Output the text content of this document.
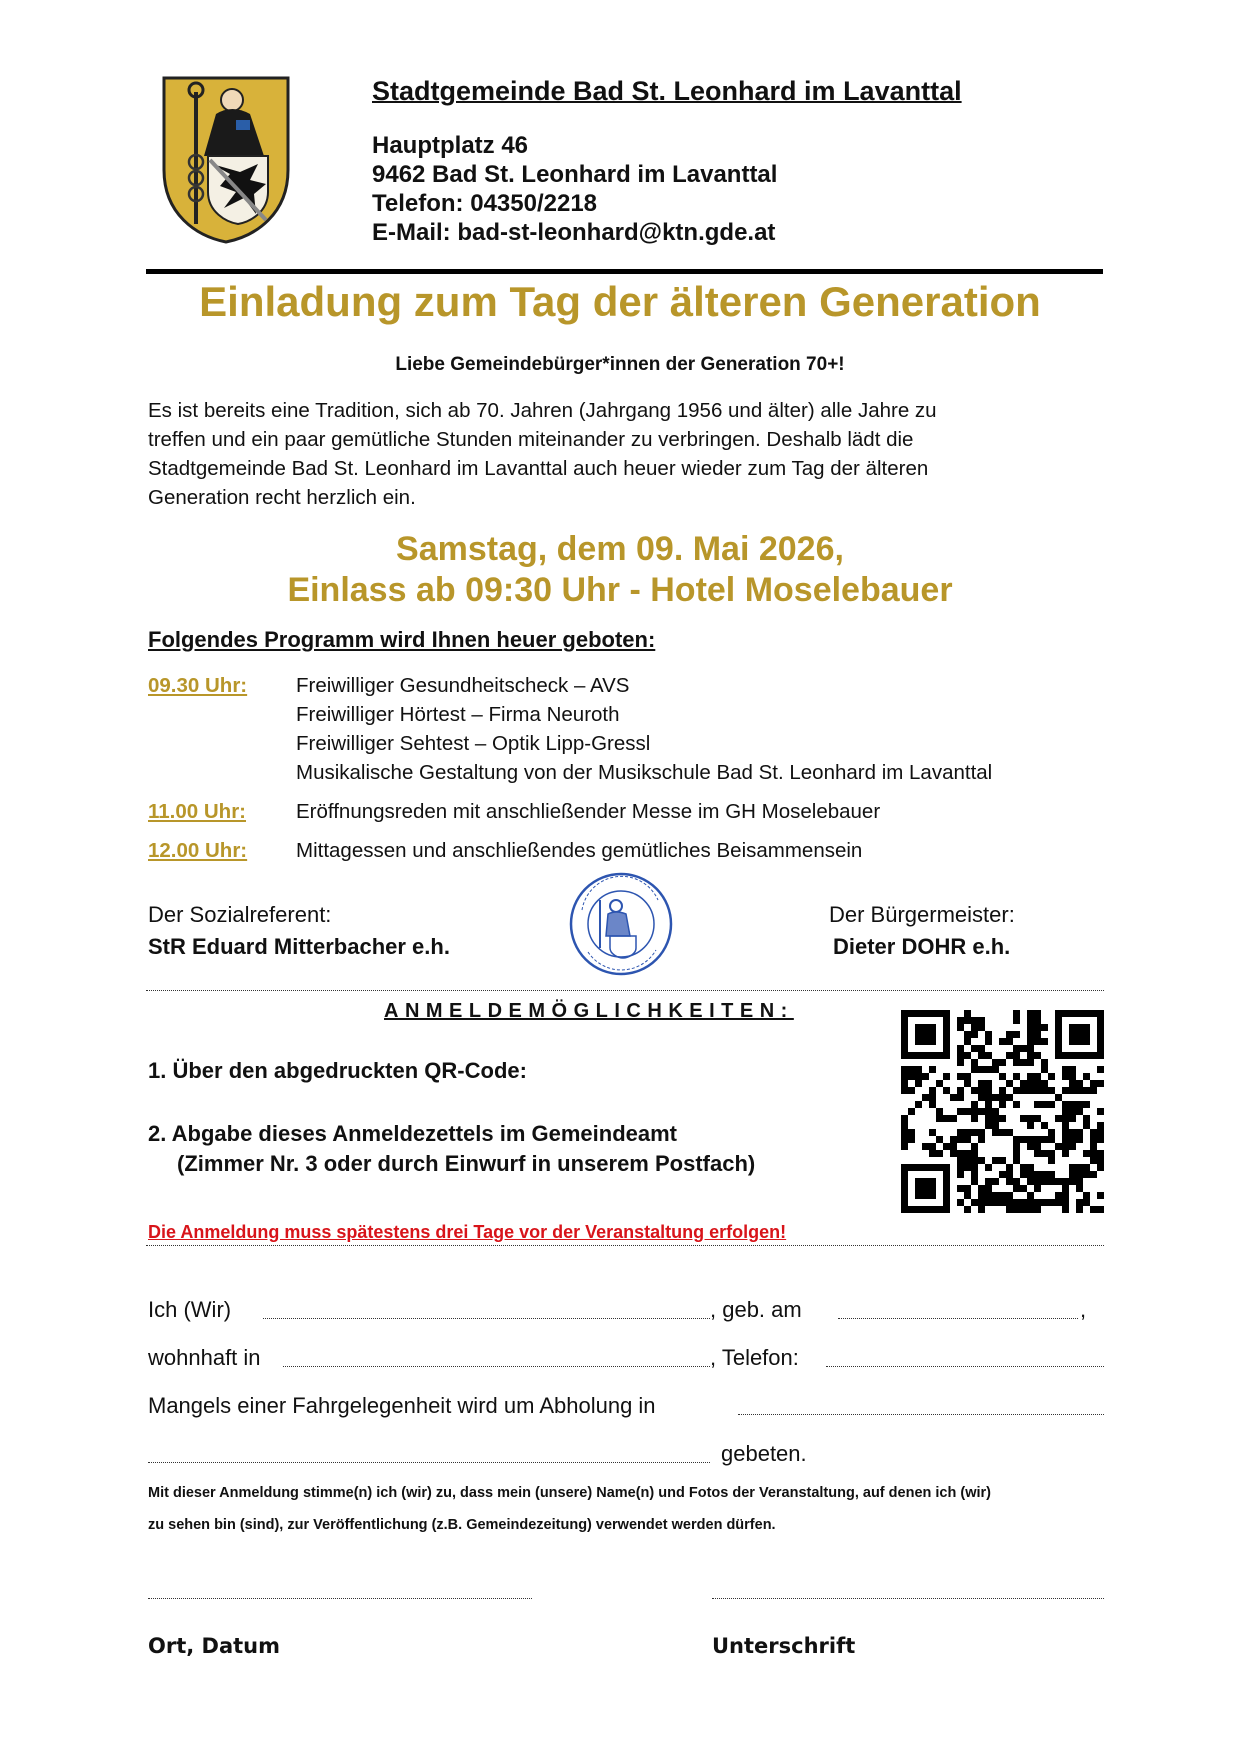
Stadtgemeinde Bad St. Leonhard im Lavanttal
Hauptplatz 46
9462 Bad St. Leonhard im Lavanttal
Telefon: 04350/2218
E-Mail: bad-st-leonhard@ktn.gde.at
Einladung zum Tag der älteren Generation
Liebe Gemeindebürger*innen der Generation 70+!
Es ist bereits eine Tradition, sich ab 70. Jahren (Jahrgang 1956 und älter) alle Jahre zu
treffen und ein paar gemütliche Stunden miteinander zu verbringen. Deshalb lädt die
Stadtgemeinde Bad St. Leonhard im Lavanttal auch heuer wieder zum Tag der älteren
Generation recht herzlich ein.
Samstag, dem 09. Mai 2026,
Einlass ab 09:30 Uhr - Hotel Moselebauer
Folgendes Programm wird Ihnen heuer geboten:
09.30 Uhr: Freiwilliger Gesundheitscheck – AVS
Freiwilliger Hörtest – Firma Neuroth
Freiwilliger Sehtest – Optik Lipp-Gressl
Musikalische Gestaltung von der Musikschule Bad St. Leonhard im Lavanttal
11.00 Uhr: Eröffnungsreden mit anschließender Messe im GH Moselebauer
12.00 Uhr: Mittagessen und anschließendes gemütliches Beisammensein
Der Sozialreferent:
StR Eduard Mitterbacher e.h.
Der Bürgermeister:
Dieter DOHR e.h.
ANMELDEMÖGLICHKEITEN:
1. Über den abgedruckten QR-Code:
2. Abgabe dieses Anmeldezettels im Gemeindeamt
(Zimmer Nr. 3 oder durch Einwurf in unserem Postfach)
Die Anmeldung muss spätestens drei Tage vor der Veranstaltung erfolgen!
Ich (Wir)	, geb. am	,
wohnhaft in	, Telefon:
Mangels einer Fahrgelegenheit wird um Abholung in
gebeten.
Mit dieser Anmeldung stimme(n) ich (wir) zu, dass mein (unsere) Name(n) und Fotos der Veranstaltung, auf denen ich (wir)
zu sehen bin (sind), zur Veröffentlichung (z.B. Gemeindezeitung) verwendet werden dürfen.
Ort, Datum	Unterschrift
